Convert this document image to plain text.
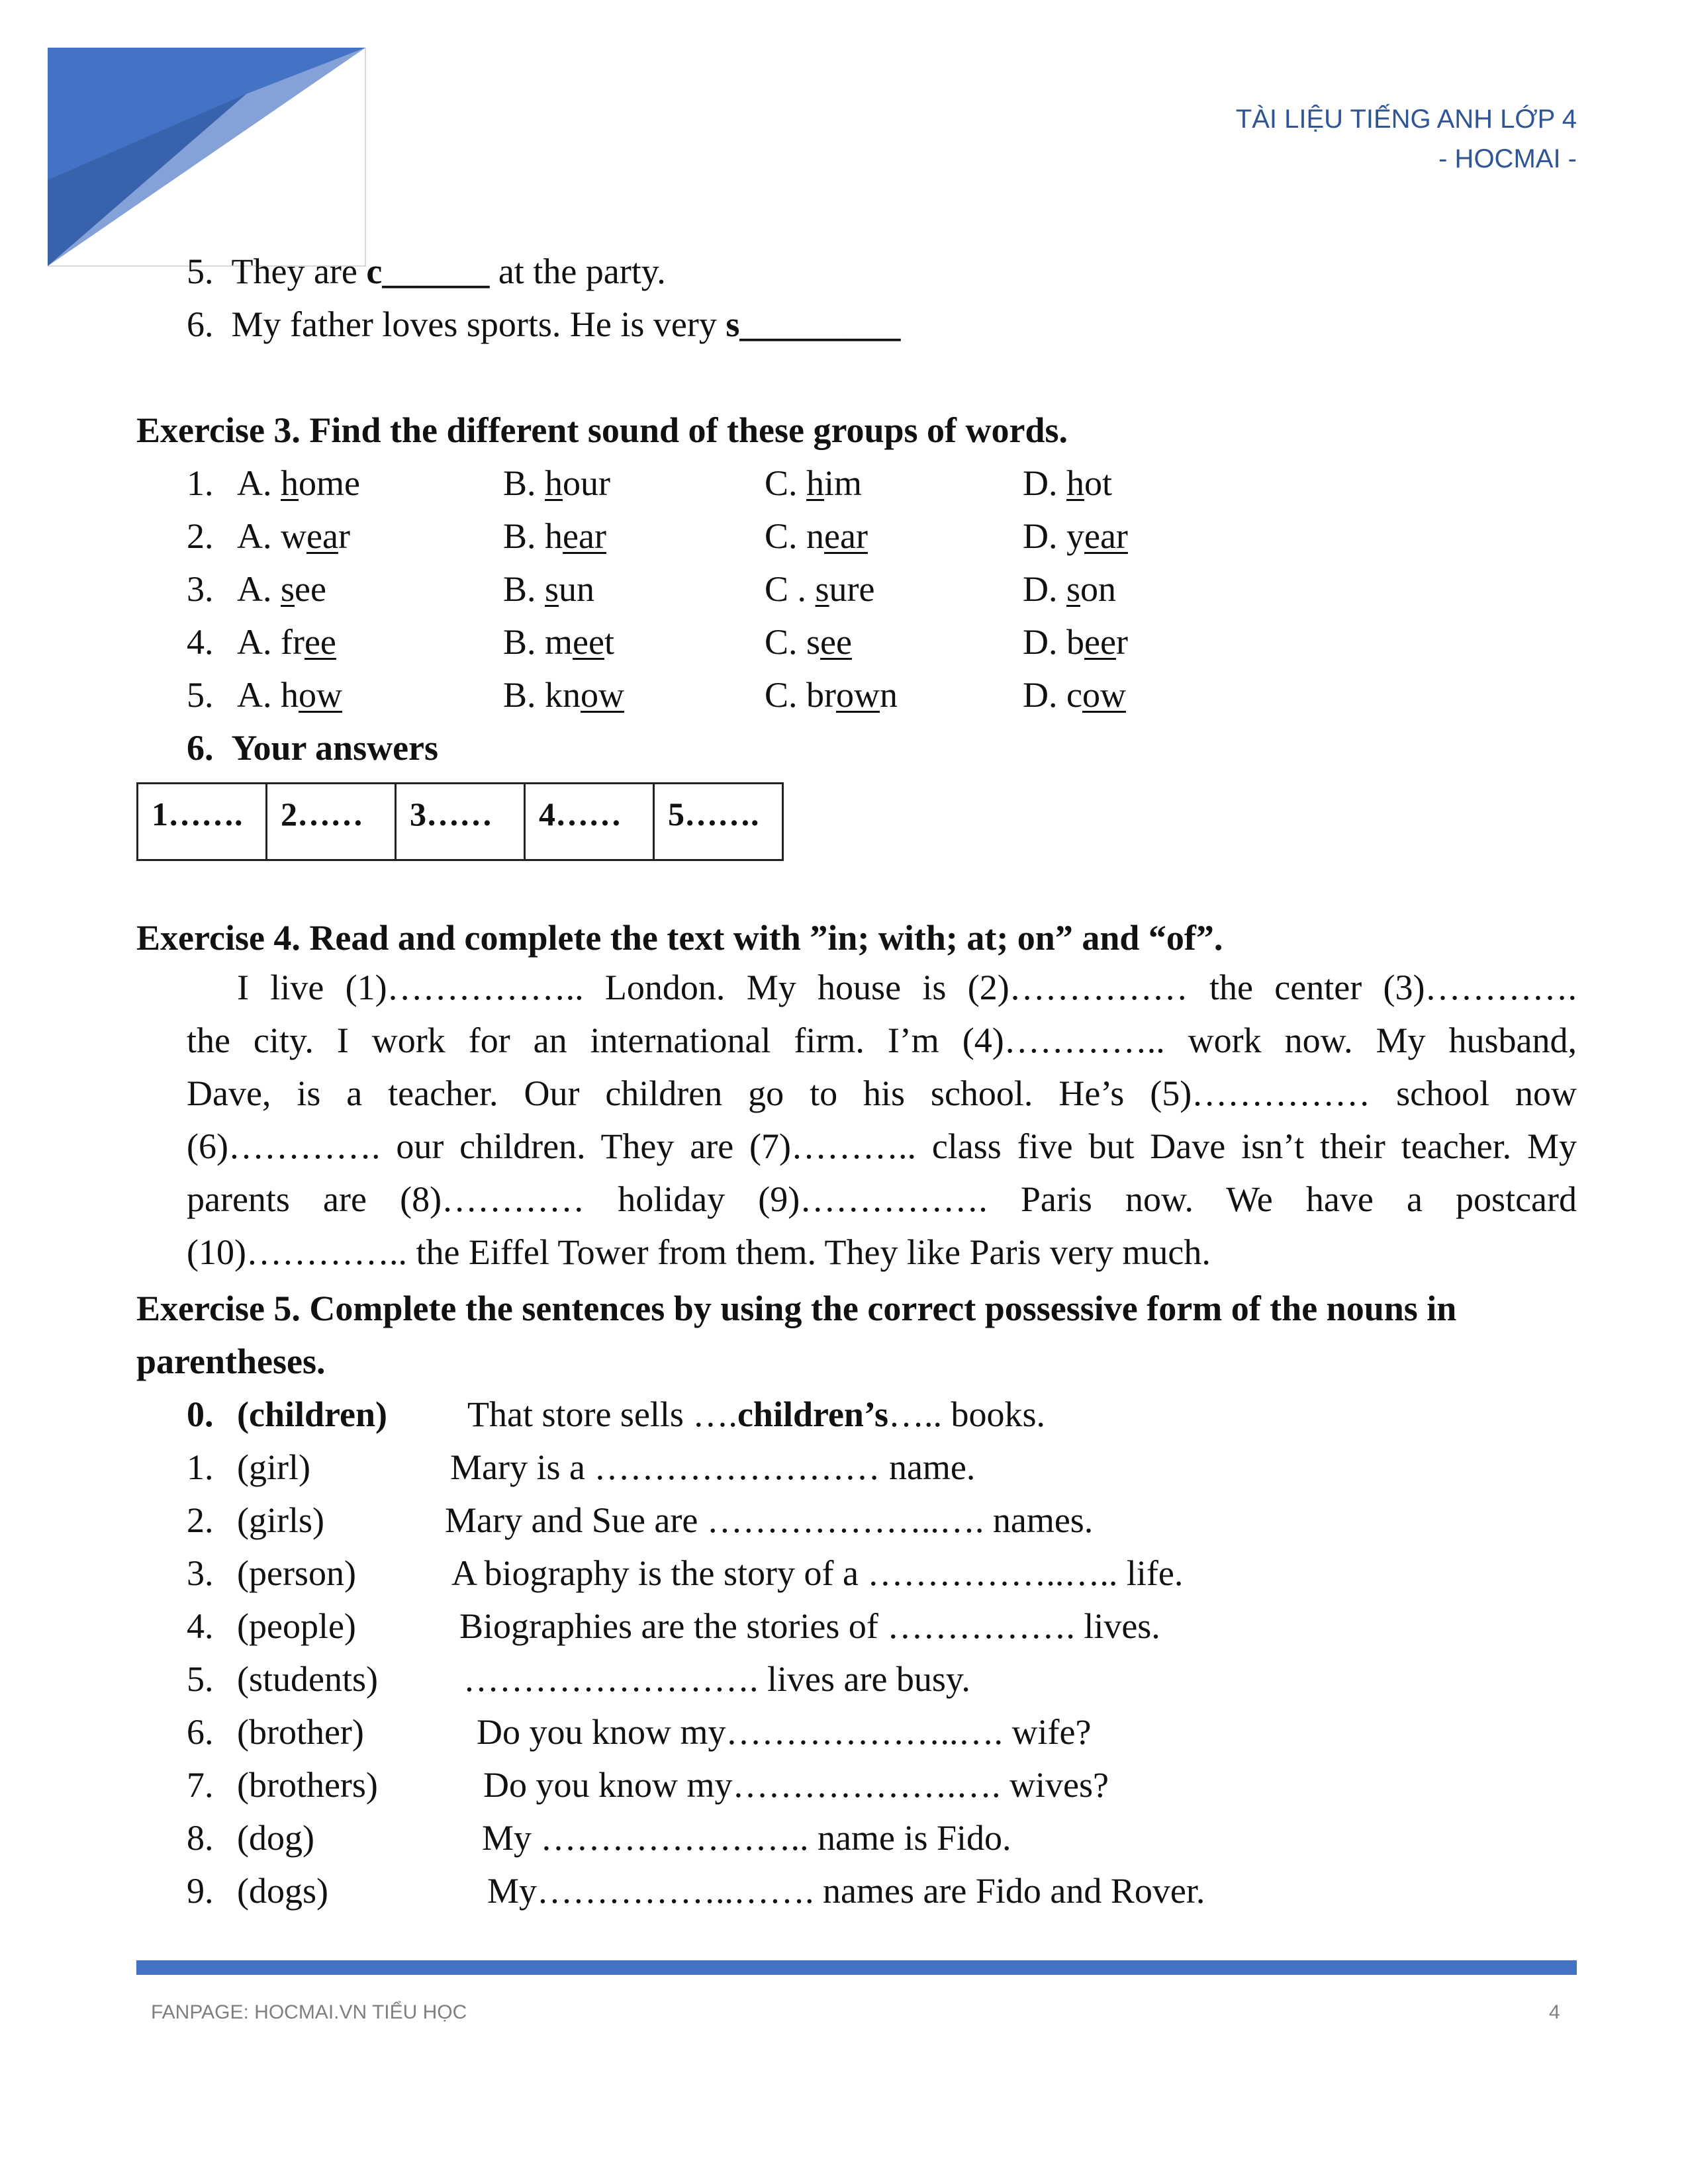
TÀI LIỆU TIẾNG ANH LỚP 4
- HOCMAI -
5. They are c______ at the party.
6. My father loves sports. He is very s_________
Exercise 3. Find the different sound of these groups of words.
1. A. home	B. hour	C. him	D. hot
2. A. wear	B. hear	C. near	D. year
3. A. see	B. sun	C . sure	D. son
4. A. free	B. meet	C. see	D. beer
5. A. how	B. know	C. brown	D. cow
6. Your answers
1…….	2……	3……	4……	5…….
Exercise 4. Read and complete the text with ”in; with; at; on” and “of”.
I live (1)…………….. London. My house is (2)…………… the center (3)………….
the city. I work for an international firm. I’m (4)………….. work now. My husband,
Dave, is a teacher. Our children go to his school. He’s (5)…………… school now
(6)…………. our children. They are (7)……….. class five but Dave isn’t their teacher. My
parents are (8)………… holiday (9)……………. Paris now. We have a postcard
(10)………….. the Eiffel Tower from them. They like Paris very much.
Exercise 5. Complete the sentences by using the correct possessive form of the nouns in
parentheses.
0. (children) That store sells ….children’s….. books.
1. (girl)	Mary is a …………………… name.
2. (girls)	Mary and Sue are ………………..…. names.
3. (person)	A biography is the story of a ……………..….. life.
4. (people)	Biographies are the stories of ……………. lives.
5. (students) ……………………. lives are busy.
6. (brother)	Do you know my………………..…. wife?
7. (brothers)	Do you know my……………….…. wives?
8. (dog)	My ………………….. name is Fido.
9. (dogs)	My……………..……. names are Fido and Rover.
FANPAGE: HOCMAI.VN TIỂU HỌC	4
